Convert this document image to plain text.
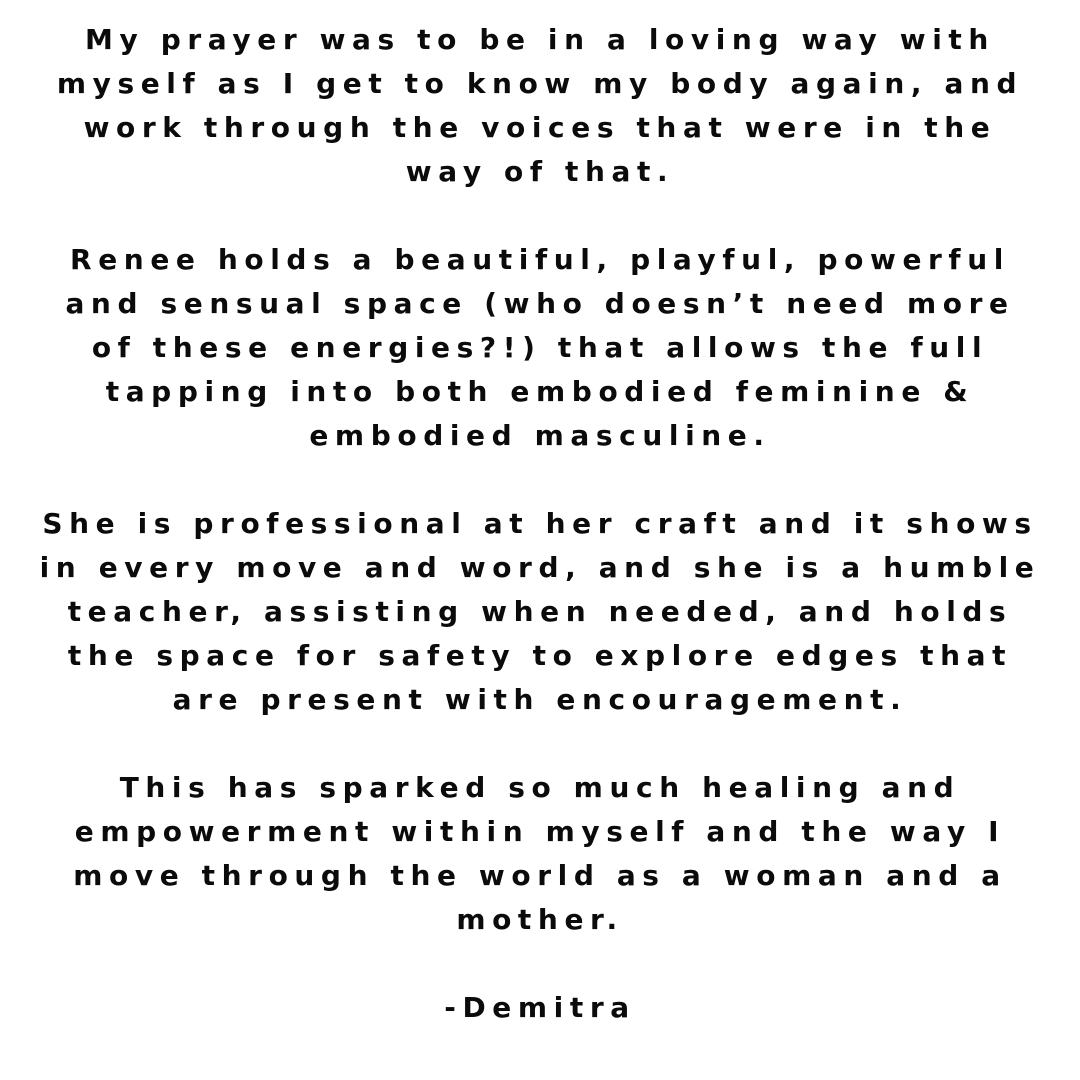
My prayer was to be in a loving way with
myself as I get to know my body again, and
work through the voices that were in the
way of that.
Renee holds a beautiful, playful, powerful
and sensual space (who doesn’t need more
of these energies?!) that allows the full
tapping into both embodied feminine &
embodied masculine.
She is professional at her craft and it shows
in every move and word, and she is a humble
teacher, assisting when needed, and holds
the space for safety to explore edges that
are present with encouragement.
This has sparked so much healing and
empowerment within myself and the way I
move through the world as a woman and a
mother.
-Demitra
